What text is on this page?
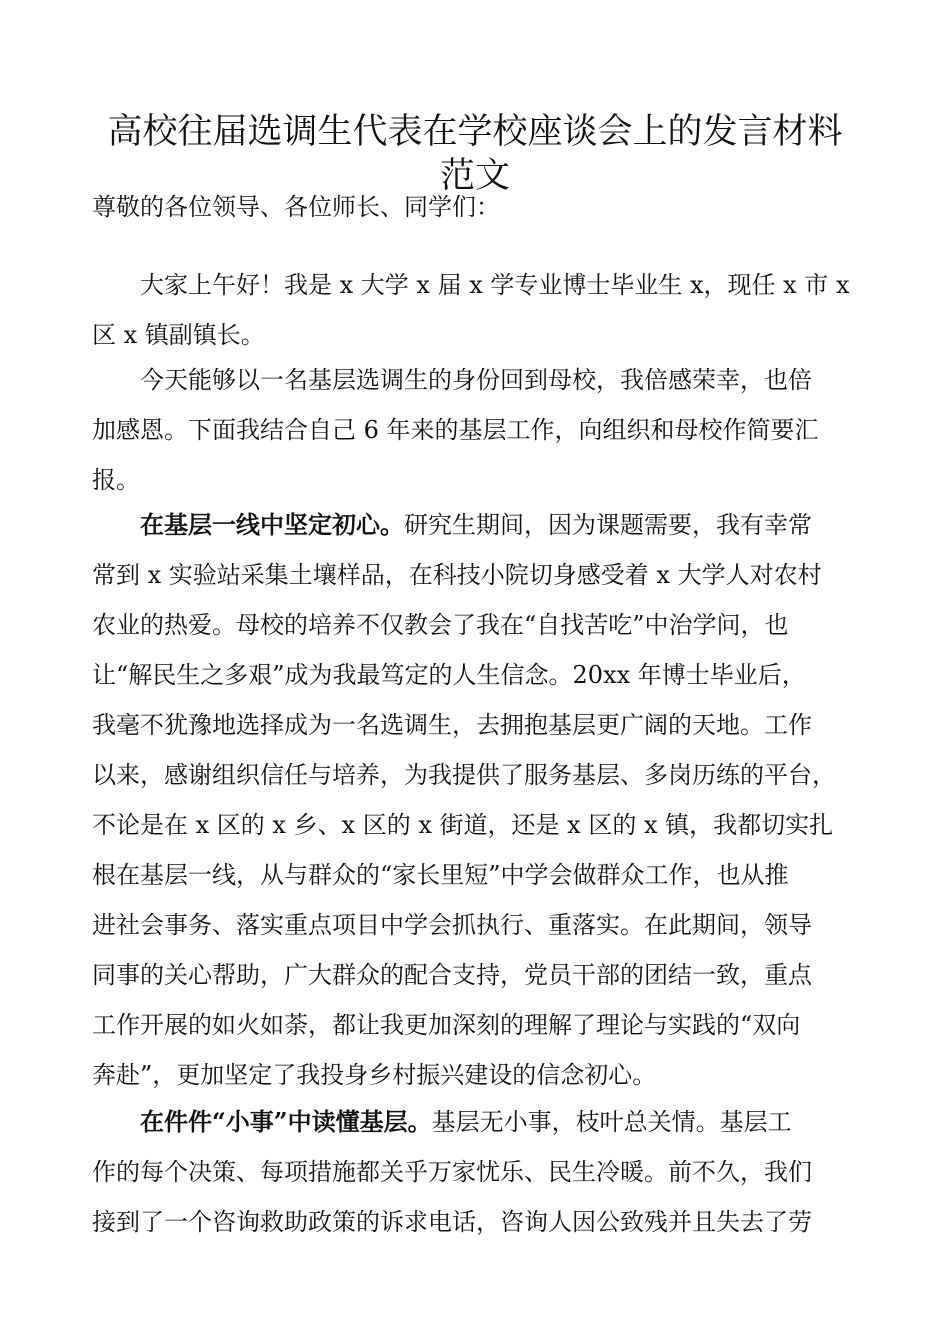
高校往届选调生代表在学校座谈会上的发言材料
范文

尊敬的各位领导、各位师长、同学们：

大家上午好！我是 x 大学 x 届 x 学专业博士毕业生 x，现任 x 市 x
区 x 镇副镇长。
今天能够以一名基层选调生的身份回到母校，我倍感荣幸，也倍
加感恩。下面我结合自己 6 年来的基层工作，向组织和母校作简要汇
报。
在基层一线中坚定初心。研究生期间，因为课题需要，我有幸常
常到 x 实验站采集土壤样品，在科技小院切身感受着 x 大学人对农村
农业的热爱。母校的培养不仅教会了我在“自找苦吃”中治学问，也
让“解民生之多艰”成为我最笃定的人生信念。20xx 年博士毕业后，
我毫不犹豫地选择成为一名选调生，去拥抱基层更广阔的天地。工作
以来，感谢组织信任与培养，为我提供了服务基层、多岗历练的平台，
不论是在 x 区的 x 乡、x 区的 x 街道，还是 x 区的 x 镇，我都切实扎
根在基层一线，从与群众的“家长里短”中学会做群众工作，也从推
进社会事务、落实重点项目中学会抓执行、重落实。在此期间，领导
同事的关心帮助，广大群众的配合支持，党员干部的团结一致，重点
工作开展的如火如荼，都让我更加深刻的理解了理论与实践的“双向
奔赴”，更加坚定了我投身乡村振兴建设的信念初心。
在件件“小事”中读懂基层。基层无小事，枝叶总关情。基层工
作的每个决策、每项措施都关乎万家忧乐、民生冷暖。前不久，我们
接到了一个咨询救助政策的诉求电话，咨询人因公致残并且失去了劳
